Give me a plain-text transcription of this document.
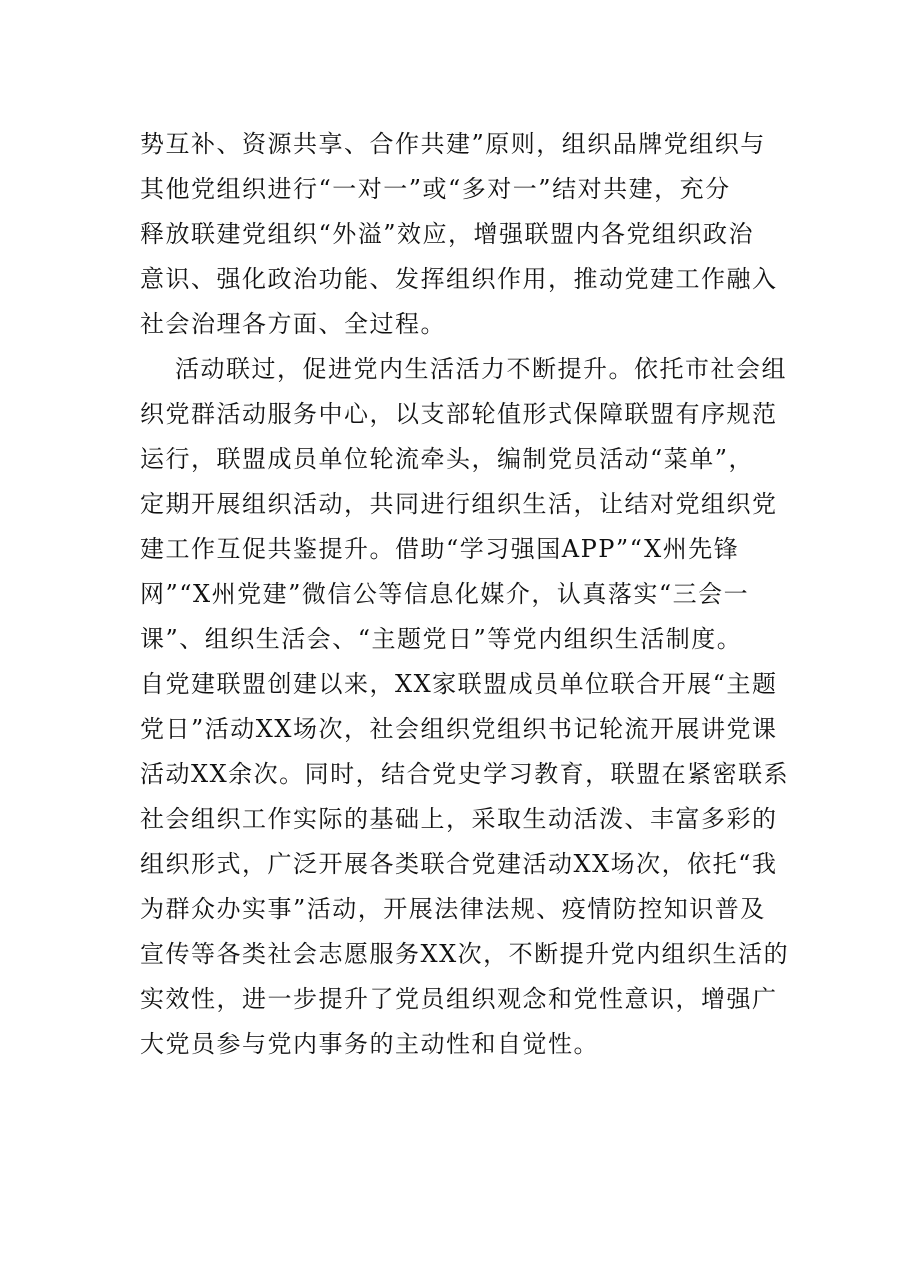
势互补、资源共享、合作共建”原则，组织品牌党组织与
其他党组织进行“一对一”或“多对一”结对共建，充分
释放联建党组织“外溢”效应，增强联盟内各党组织政治
意识、强化政治功能、发挥组织作用，推动党建工作融入
社会治理各方面、全过程。
活动联过，促进党内生活活力不断提升。依托市社会组
织党群活动服务中心，以支部轮值形式保障联盟有序规范
运行，联盟成员单位轮流牵头，编制党员活动“菜单”，
定期开展组织活动，共同进行组织生活，让结对党组织党
建工作互促共鉴提升。借助“学习强国APP”“X州先锋
网”“X州党建”微信公等信息化媒介，认真落实“三会一
课”、组织生活会、“主题党日”等党内组织生活制度。
自党建联盟创建以来，XX家联盟成员单位联合开展“主题
党日”活动XX场次，社会组织党组织书记轮流开展讲党课
活动XX余次。同时，结合党史学习教育，联盟在紧密联系
社会组织工作实际的基础上，采取生动活泼、丰富多彩的
组织形式，广泛开展各类联合党建活动XX场次，依托“我
为群众办实事”活动，开展法律法规、疫情防控知识普及
宣传等各类社会志愿服务XX次，不断提升党内组织生活的
实效性，进一步提升了党员组织观念和党性意识，增强广
大党员参与党内事务的主动性和自觉性。
